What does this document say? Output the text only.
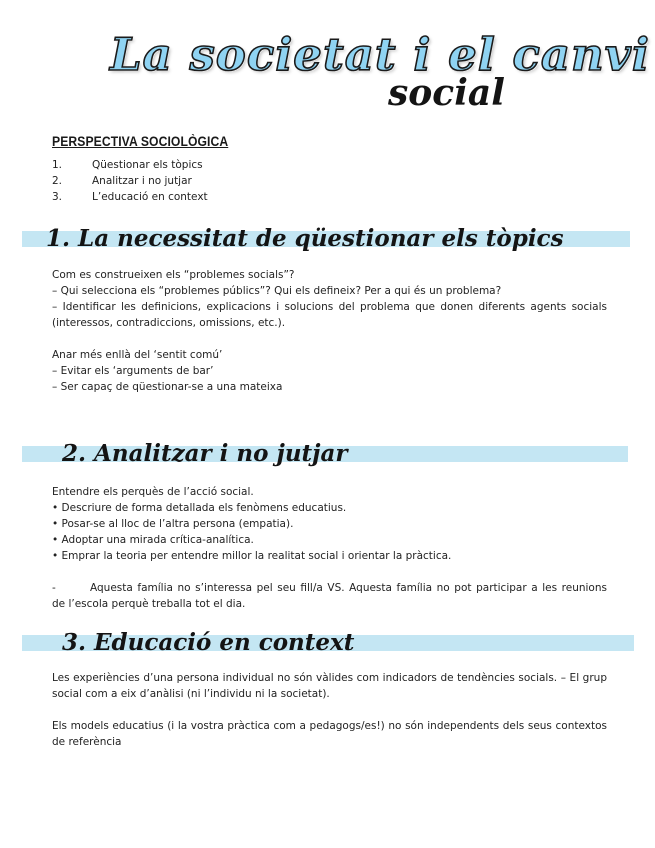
La societat i el canvi
social
PERSPECTIVA SOCIOLÒGICA
1.	Qüestionar els tòpics
2.	Analitzar i no jutjar
3.	L’educació en context
1. La necessitat de qüestionar els tòpics
Com es construeixen els “problemes socials”?
– Qui selecciona els “problemes públics”? Qui els defineix? Per a qui és un problema?
– Identificar les definicions, explicacions i solucions del problema que donen diferents agents socials
(interessos, contradiccions, omissions, etc.).
Anar més enllà del ‘sentit comú’
– Evitar els ‘arguments de bar’
– Ser capaç de qüestionar-se a una mateixa
2. Analitzar i no jutjar
Entendre els perquès de l’acció social.
• Descriure de forma detallada els fenòmens educatius.
• Posar-se al lloc de l’altra persona (empatia).
• Adoptar una mirada crítica-analítica.
• Emprar la teoria per entendre millor la realitat social i orientar la pràctica.
-	Aquesta família no s’interessa pel seu fill/a VS. Aquesta família no pot participar a les reunions
de l’escola perquè treballa tot el dia.
3. Educació en context
Les experiències d’una persona individual no són vàlides com indicadors de tendències socials. – El grup
social com a eix d’anàlisi (ni l’individu ni la societat).
Els models educatius (i la vostra pràctica com a pedagogs/es!) no són independents dels seus contextos
de referència
